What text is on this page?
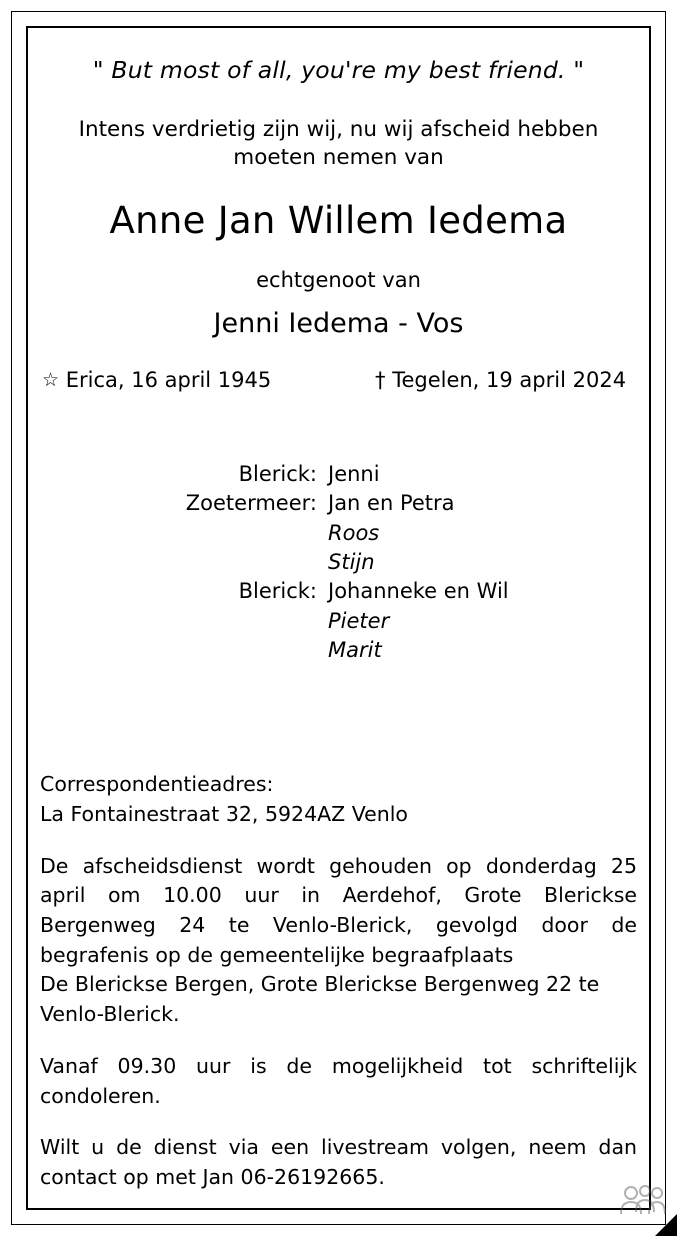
" But most of all, you're my best friend. "
Intens verdrietig zijn wij, nu wij afscheid hebben
moeten nemen van
Anne Jan Willem Iedema
echtgenoot van
Jenni Iedema - Vos
☆ Erica, 16 april 1945	† Tegelen, 19 april 2024
Blerick: Jenni
Zoetermeer: Jan en Petra
Roos
Stijn
Blerick: Johanneke en Wil
Pieter
Marit
Correspondentieadres:
La Fontainestraat 32, 5924AZ Venlo
De afscheidsdienst wordt gehouden op donderdag 25 april om 10.00 uur in Aerdehof, Grote Blerickse Bergenweg 24 te Venlo-Blerick, gevolgd door de begrafenis op de gemeentelijke begraafplaats
De Blerickse Bergen, Grote Blerickse Bergenweg 22 te Venlo-Blerick.
Vanaf 09.30 uur is de mogelijkheid tot schriftelijk condoleren.
Wilt u de dienst via een livestream volgen, neem dan contact op met Jan 06-26192665.
